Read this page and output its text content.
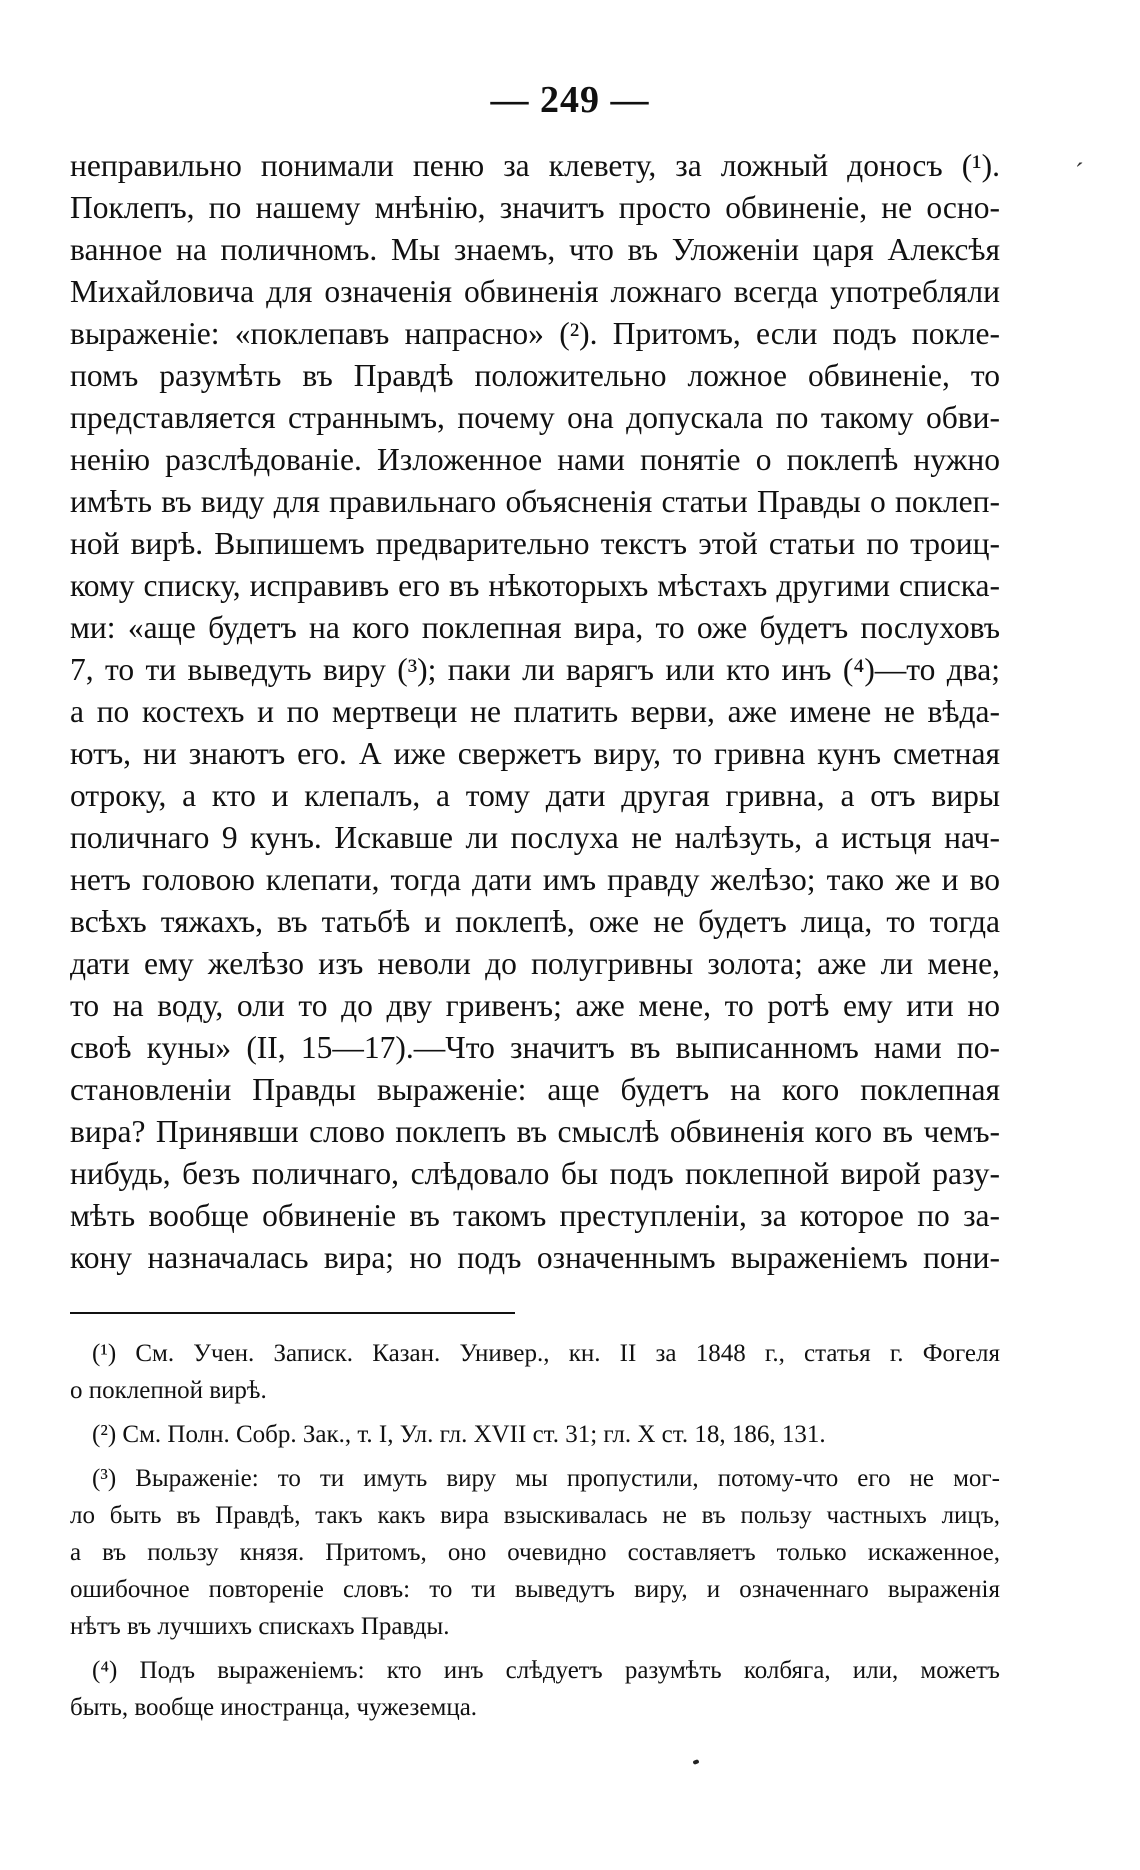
— 249 —
ˊ
неправильно понимали пеню за клевету, за ложный доносъ (¹).
Поклепъ, по нашему мнѣнію, значитъ просто обвиненіе, не осно-
ванное на поличномъ. Мы знаемъ, что въ Уложеніи царя Алексѣя
Михайловича для означенія обвиненія ложнаго всегда употребляли
выраженіе: «поклепавъ напрасно» (²). Притомъ, если подъ покле-
помъ разумѣть въ Правдѣ положительно ложное обвиненіе, то
представляется страннымъ, почему она допускала по такому обви-
ненію разслѣдованіе. Изложенное нами понятіе о поклепѣ нужно
имѣть въ виду для правильнаго объясненія статьи Правды о поклеп-
ной вирѣ. Выпишемъ предварительно текстъ этой статьи по троиц-
кому списку, исправивъ его въ нѣкоторыхъ мѣстахъ другими списка-
ми: «аще будетъ на кого поклепная вира, то оже будетъ послуховъ
7, то ти выведуть виру (³); паки ли варягъ или кто инъ (⁴)—то два;
а по костехъ и по мертвеци не платить верви, аже имене не вѣда-
ютъ, ни знаютъ его. А иже свержетъ виру, то гривна кунъ сметная
отроку, а кто и клепалъ, а тому дати другая гривна, а отъ виры
поличнаго 9 кунъ. Искавше ли послуха не налѣзуть, а истьця нач-
нетъ головою клепати, тогда дати имъ правду желѣзо; тако же и во
всѣхъ тяжахъ, въ татьбѣ и поклепѣ, оже не будетъ лица, то тогда
дати ему желѣзо изъ неволи до полугривны золота; аже ли мене,
то на воду, оли то до дву гривенъ; аже мене, то ротѣ ему ити но
своѣ куны» (II, 15—17).—Что значитъ въ выписанномъ нами по-
становленіи Правды выраженіе: аще будетъ на кого поклепная
вира? Принявши слово поклепъ въ смыслѣ обвиненія кого въ чемъ-
нибудь, безъ поличнаго, слѣдовало бы подъ поклепной вирой разу-
мѣть вообще обвиненіе въ такомъ преступленіи, за которое по за-
кону назначалась вира; но подъ означеннымъ выраженіемъ пони-
(¹) См. Учен. Записк. Казан. Универ., кн. II за 1848 г., статья г. Фогеля
о поклепной вирѣ.
(²) См. Полн. Собр. Зак., т. I, Ул. гл. XVII ст. 31; гл. X ст. 18, 186, 131.
(³) Выраженіе: то ти имуть виру мы пропустили, потому-что его не мог-
ло быть въ Правдѣ, такъ какъ вира взыскивалась не въ пользу частныхъ лицъ,
а въ пользу князя. Притомъ, оно очевидно составляетъ только искаженное,
ошибочное повтореніе словъ: то ти выведутъ виру, и означеннаго выраженія
нѣтъ въ лучшихъ спискахъ Правды.
(⁴) Подъ выраженіемъ: кто инъ слѣдуетъ разумѣть колбяга, или, можетъ
быть, вообще иностранца, чужеземца.
